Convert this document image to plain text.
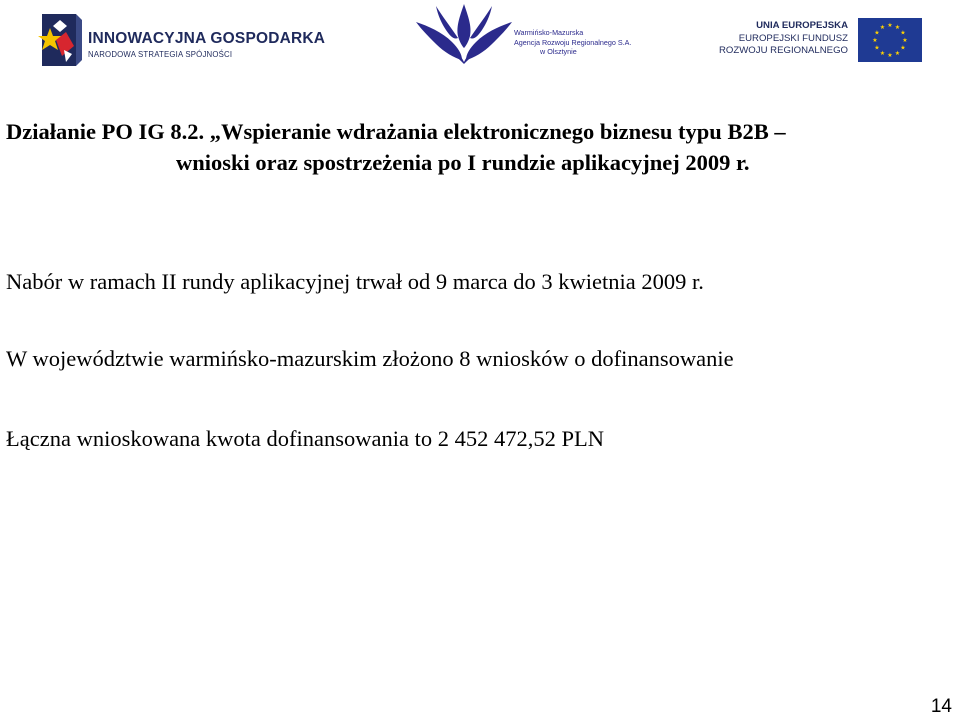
INNOWACYJNA GOSPODARKA
NARODOWA STRATEGIA SPÓJNOŚCI
Warmińsko-Mazurska
Agencja Rozwoju Regionalnego S.A.
w Olsztynie
UNIA EUROPEJSKA
EUROPEJSKI FUNDUSZ
ROZWOJU REGIONALNEGO
★ ★
★
★
★
★
★
★
★
★
★
★
Działanie PO IG 8.2. „Wspieranie wdrażania elektronicznego biznesu typu B2B –
wnioski oraz spostrzeżenia po I rundzie aplikacyjnej 2009 r.
Nabór w ramach II rundy aplikacyjnej trwał od 9 marca do 3 kwietnia 2009 r.
W województwie warmińsko-mazurskim złożono 8 wniosków o dofinansowanie
Łączna wnioskowana kwota dofinansowania to 2 452 472,52 PLN
14
